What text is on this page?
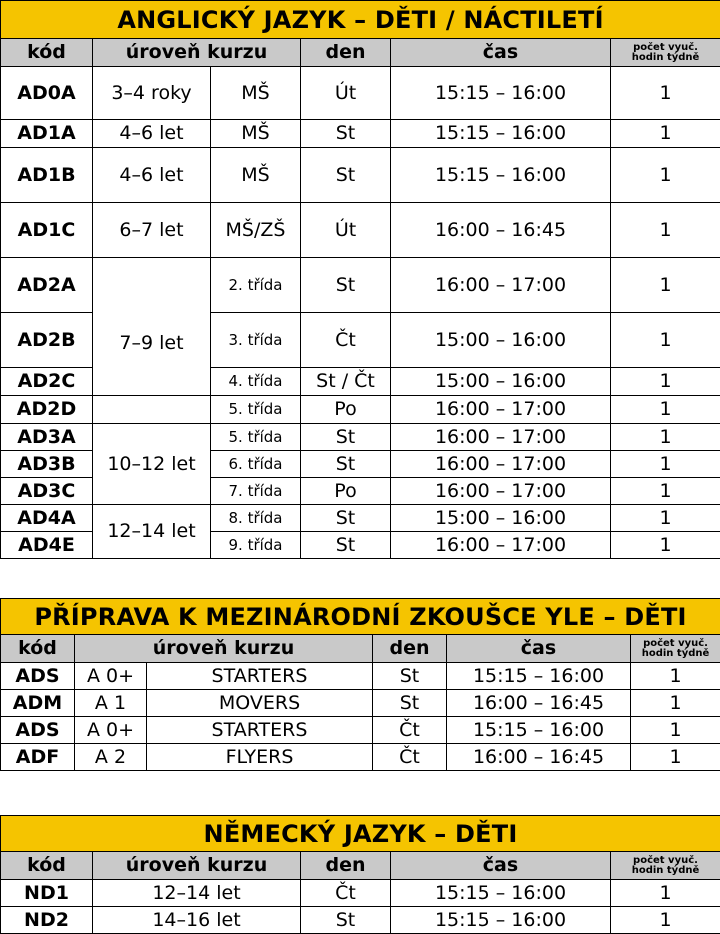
ANGLICKÝ JAZYK – DĚTI / NÁCTILETÍ					
kód	úroveň kurzu		den	čas	počet vyuč.
hodin týdně

AD0A	3–4 roky	MŠ	Út	15:15 – 16:00	1
AD1A	4–6 let	MŠ	St	15:15 – 16:00	1
AD1B	4–6 let	MŠ	St	15:15 – 16:00	1
AD1C	6–7 let	MŠ/ZŠ	Út	16:00 – 16:45	1
AD2A	7–9 let	2. třída	St	16:00 – 17:00	1
AD2B		3. třída	Čt	15:00 – 16:00	1
AD2C		4. třída	St / Čt	15:00 – 16:00	1
AD2D		5. třída	Po	16:00 – 17:00	1
AD3A	10–12 let	5. třída	St	16:00 – 17:00	1
AD3B		6. třída	St	16:00 – 17:00	1
AD3C		7. třída	Po	16:00 – 17:00	1
AD4A	12–14 let	8. třída	St	15:00 – 16:00	1
AD4E		9. třída	St	16:00 – 17:00	1
PŘÍPRAVA K MEZINÁRODNÍ ZKOUŠCE YLE – DĚTI					
kód	úroveň kurzu		den	čas	počet vyuč.
hodin týdně

ADS	A 0+	STARTERS	St	15:15 – 16:00	1
ADM	A 1	MOVERS	St	16:00 – 16:45	1
ADS	A 0+	STARTERS	Čt	15:15 – 16:00	1
ADF	A 2	FLYERS	Čt	16:00 – 16:45	1
NĚMECKÝ JAZYK – DĚTI				
kód	úroveň kurzu	den	čas	počet vyuč.
hodin týdně

ND1	12–14 let	Čt	15:15 – 16:00	1
ND2	14–16 let	St	15:15 – 16:00	1
